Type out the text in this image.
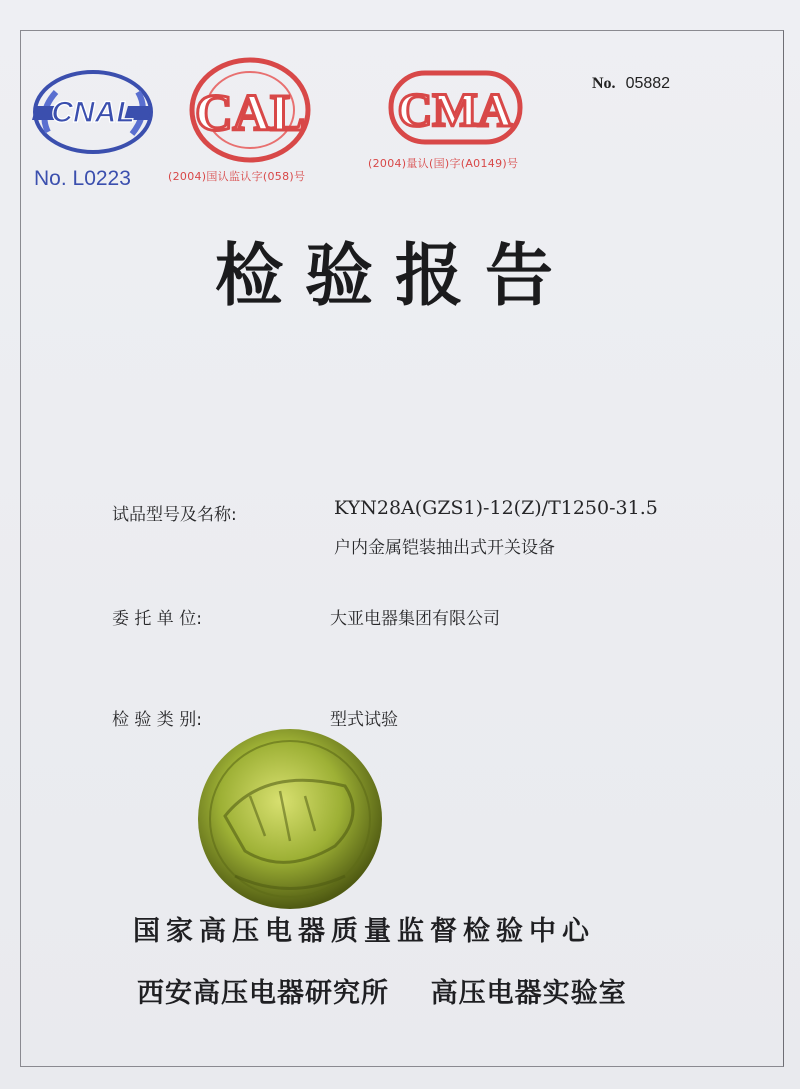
CNAL
No. L0223
CAL
(2004)国认监认字(058)号
CMA
(2004)量认(国)字(A0149)号
No. 05882
检验报告
试品型号及名称:	KYN28A(GZS1)-12(Z)/T1250-31.5
户内金属铠装抽出式开关设备
委 托 单 位:	大亚电器集团有限公司
检 验 类 别:	型式试验
国家高压电器质量监督检验中心
西安高压电器研究所    高压电器实验室
